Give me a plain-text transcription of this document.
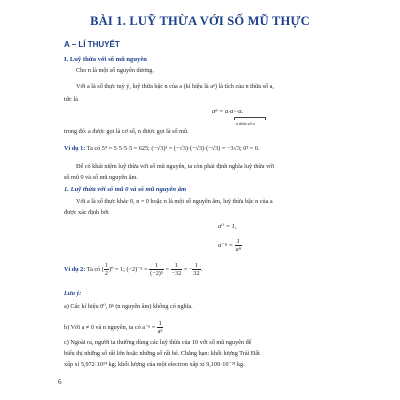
BÀI 1. LUỸ THỪA VỚI SỐ MŨ THỰC
A – LÍ THUYẾT
I. Luỹ thừa với số mũ nguyên
Cho n là một số nguyên dương.
Với a là số thực tuỳ ý, luỹ thừa bậc n của a (kí hiệu là aⁿ) là tích của n thừa số a,
tức là
aⁿ = a·a···a.
n thừa số a
trong đó: a được gọi là cơ số, n được gọi là số mũ.
Ví dụ 1: Ta có 5⁴ = 5·5·5·5 = 625; (−√3)³ = (−√3)·(−√3)·(−√3) = −3√3; 0³ = 0.
Để có khái niệm luỹ thừa với số mũ nguyên, ta còn phải định nghĩa luỹ thừa với
số mũ 0 và số mũ nguyên âm.
1. Luỹ thừa với số mũ 0 và số mũ nguyên âm
Với a là số thực khác 0, n = 0 hoặc n là một số nguyên âm, luỹ thừa bậc n của a
được xác định bởi
a⁰ = 1,
$a^{-n} = \frac{1}{\text{aⁿ}}$
Ví dụ 2: Ta có ( $\frac{1}{2} )^0 = 1$; $(-2)^{-5} = \frac{1}{\text{(−2)⁵}} = \frac{1}{-32}$ = − $\frac{1}{32}$ .
Lưu ý:
a) Các kí hiệu 0⁰, 0ⁿ (n nguyên âm) không có nghĩa.
b) Với a ≠ 0 và n nguyên, ta có $a^{-n} = \frac{1}{\text{aⁿ}}$
c) Ngoài ra, người ta thường dùng các luỹ thừa của 10 với số mũ nguyên để
biểu thị những số rất lớn hoặc những số rất bé. Chẳng hạn: khối lượng Trái Đất
xấp xỉ 5,972·10²⁴ kg; khối lượng của một electron xấp xỉ 9,109·10⁻³¹ kg.
6
